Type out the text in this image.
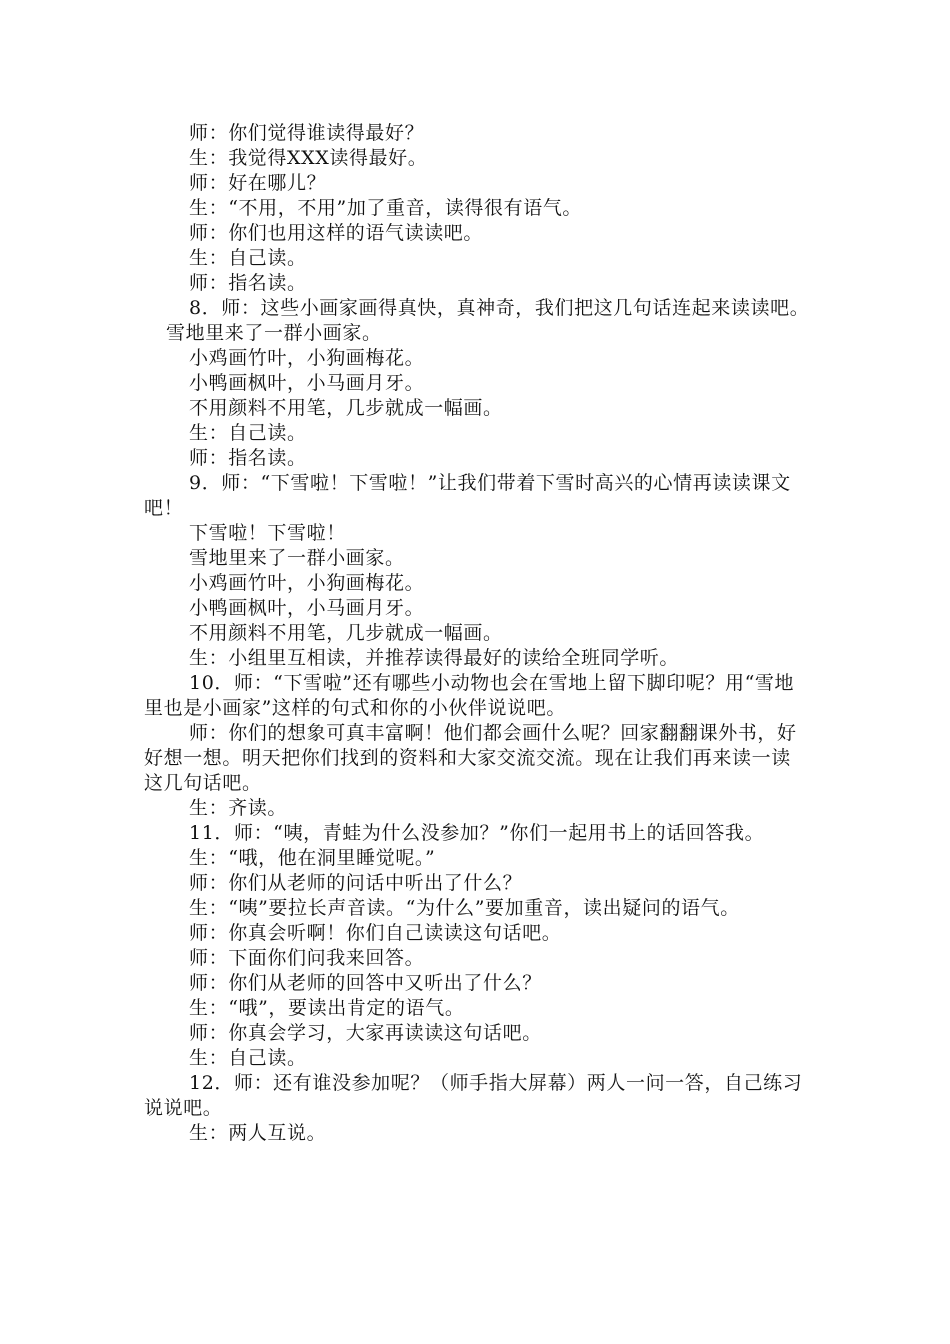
师：你们觉得谁读得最好？

生：我觉得XXX读得最好。

师：好在哪儿？

生：“不用，不用”加了重音，读得很有语气。

师：你们也用这样的语气读读吧。

生：自己读。

师：指名读。

8．师：这些小画家画得真快，真神奇，我们把这几句话连起来读读吧。

雪地里来了一群小画家。

小鸡画竹叶，小狗画梅花。

小鸭画枫叶，小马画月牙。

不用颜料不用笔，几步就成一幅画。

生：自己读。

师：指名读。

9．师：“下雪啦！下雪啦！”让我们带着下雪时高兴的心情再读读课文吧！

下雪啦！下雪啦！

雪地里来了一群小画家。

小鸡画竹叶，小狗画梅花。

小鸭画枫叶，小马画月牙。

不用颜料不用笔，几步就成一幅画。

生：小组里互相读，并推荐读得最好的读给全班同学听。

10．师：“下雪啦”还有哪些小动物也会在雪地上留下脚印呢？用“雪地里也是小画家”这样的句式和你的小伙伴说说吧。

师：你们的想象可真丰富啊！他们都会画什么呢？回家翻翻课外书，好好想一想。明天把你们找到的资料和大家交流交流。现在让我们再来读一读这几句话吧。

生：齐读。

11．师：“咦，青蛙为什么没参加？”你们一起用书上的话回答我。

生：“哦，他在洞里睡觉呢。”

师：你们从老师的问话中听出了什么？

生：“咦”要拉长声音读。“为什么”要加重音，读出疑问的语气。

师：你真会听啊！你们自己读读这句话吧。

师：下面你们问我来回答。

师：你们从老师的回答中又听出了什么？

生：“哦”，要读出肯定的语气。

师：你真会学习，大家再读读这句话吧。

生：自己读。

12．师：还有谁没参加呢？（师手指大屏幕）两人一问一答，自己练习说说吧。

生：两人互说。
